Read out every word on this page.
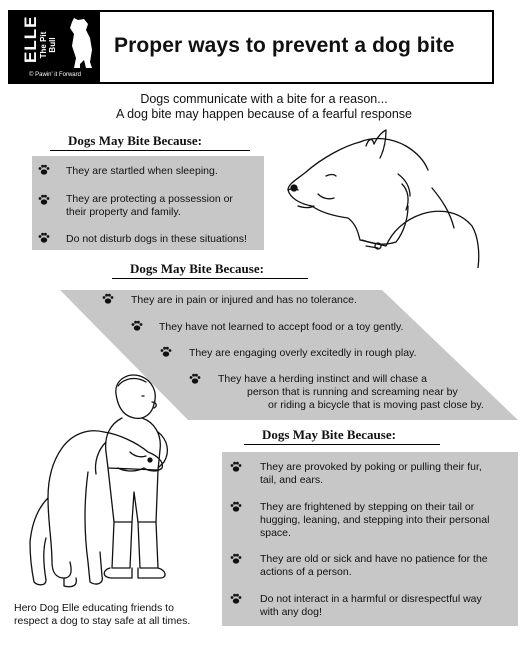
ELLE The Pit Bull
© Pawin' it Forward
Proper ways to prevent a dog bite
Dogs communicate with a bite for a reason...
A dog bite may happen because of a fearful response
Dogs May Bite Because:
They are startled when sleeping.
They are protecting a possession or
their property and family.
Do not disturb dogs in these situations!
Dogs May Bite Because:
They are in pain or injured and has no tolerance.
They have not learned to accept food or a toy gently.
They are engaging overly excitedly in rough play.
They have a herding instinct and will chase a
person that is running and screaming near by
or riding a bicycle that is moving past close by.
Dogs May Bite Because:
They are provoked by poking or pulling their fur,
tail, and ears.
They are frightened by stepping on their tail or
hugging, leaning, and stepping into their personal
space.
They are old or sick and have no patience for the
actions of a person.
Do not interact in a harmful or disrespectful way
with any dog!
Hero Dog Elle educating friends to
respect a dog to stay safe at all times.
